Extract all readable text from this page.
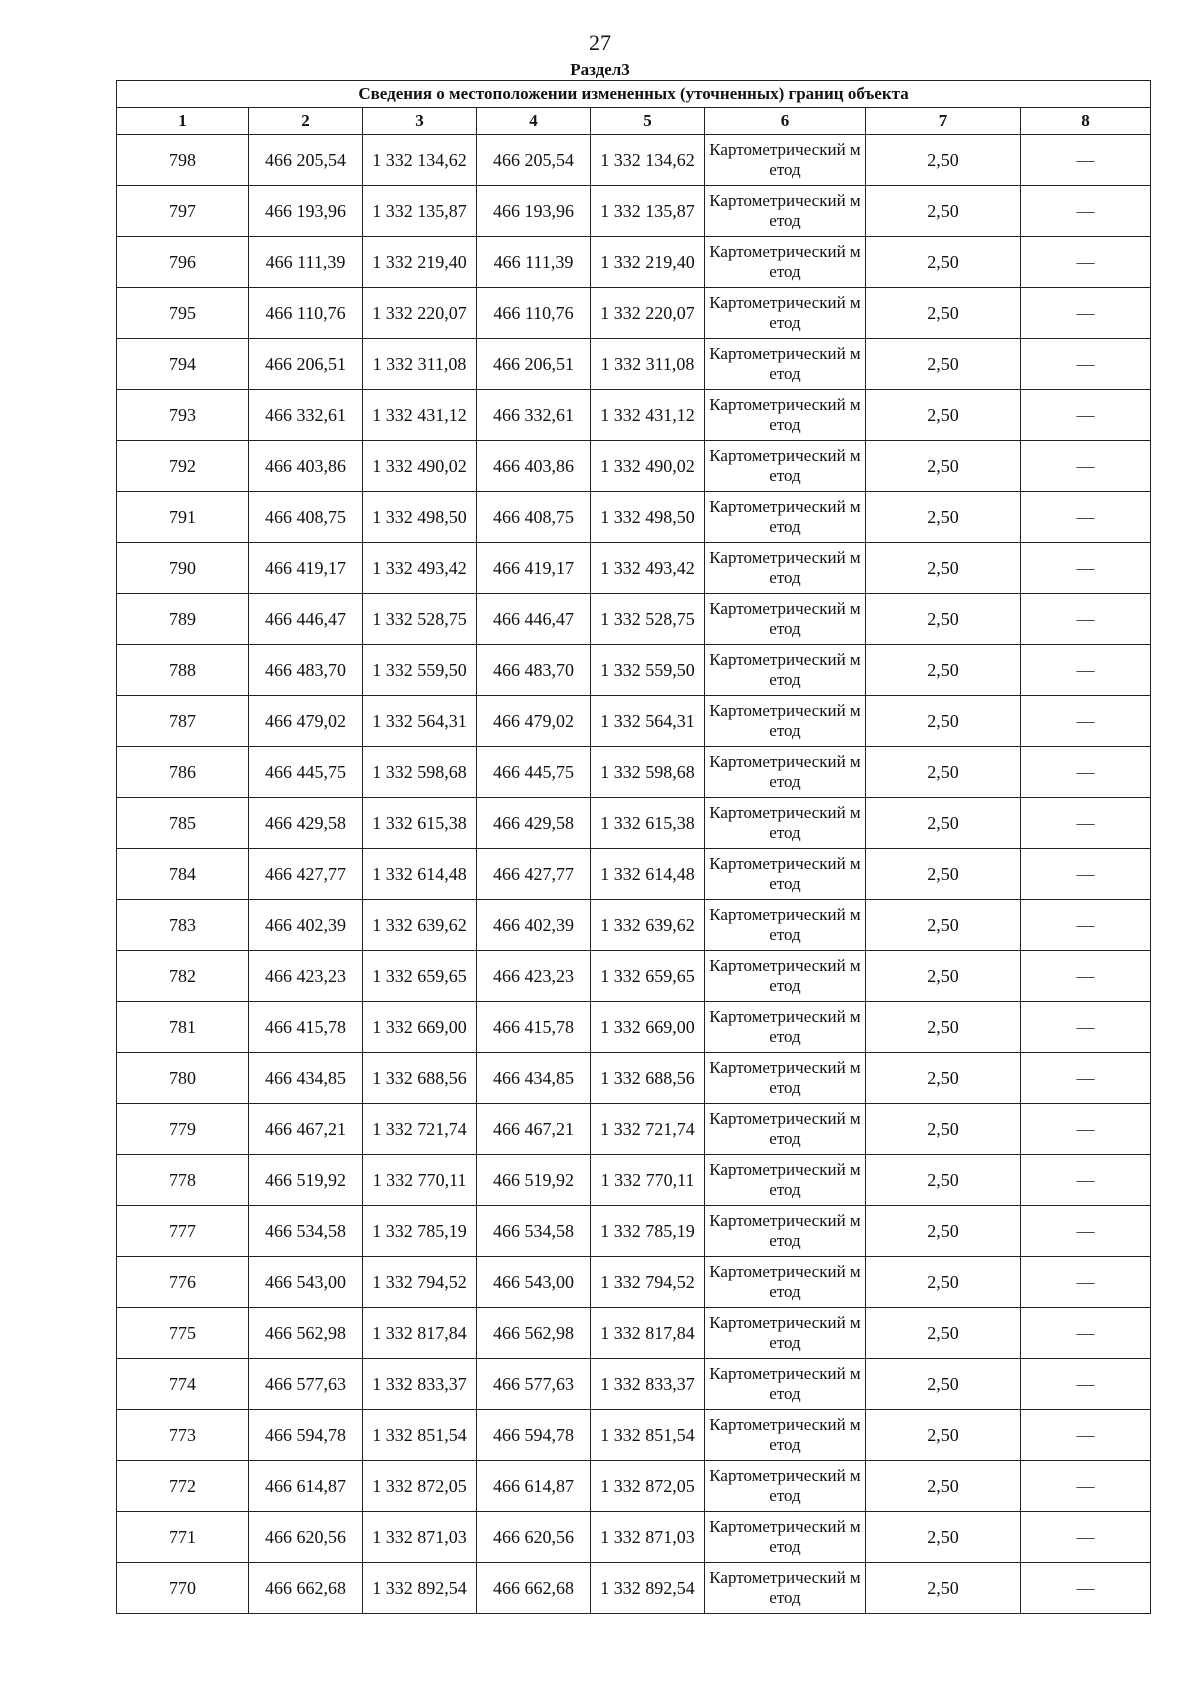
27
Раздел3
Сведения о местоположении измененных (уточненных) границ объекта							
1	2	3	4	5	6	7	8
798	466 205,54	1 332 134,62	466 205,54	1 332 134,62	Картометрический метод	2,50	—
797	466 193,96	1 332 135,87	466 193,96	1 332 135,87	Картометрический метод	2,50	—
796	466 111,39	1 332 219,40	466 111,39	1 332 219,40	Картометрический метод	2,50	—
795	466 110,76	1 332 220,07	466 110,76	1 332 220,07	Картометрический метод	2,50	—
794	466 206,51	1 332 311,08	466 206,51	1 332 311,08	Картометрический метод	2,50	—
793	466 332,61	1 332 431,12	466 332,61	1 332 431,12	Картометрический метод	2,50	—
792	466 403,86	1 332 490,02	466 403,86	1 332 490,02	Картометрический метод	2,50	—
791	466 408,75	1 332 498,50	466 408,75	1 332 498,50	Картометрический метод	2,50	—
790	466 419,17	1 332 493,42	466 419,17	1 332 493,42	Картометрический метод	2,50	—
789	466 446,47	1 332 528,75	466 446,47	1 332 528,75	Картометрический метод	2,50	—
788	466 483,70	1 332 559,50	466 483,70	1 332 559,50	Картометрический метод	2,50	—
787	466 479,02	1 332 564,31	466 479,02	1 332 564,31	Картометрический метод	2,50	—
786	466 445,75	1 332 598,68	466 445,75	1 332 598,68	Картометрический метод	2,50	—
785	466 429,58	1 332 615,38	466 429,58	1 332 615,38	Картометрический метод	2,50	—
784	466 427,77	1 332 614,48	466 427,77	1 332 614,48	Картометрический метод	2,50	—
783	466 402,39	1 332 639,62	466 402,39	1 332 639,62	Картометрический метод	2,50	—
782	466 423,23	1 332 659,65	466 423,23	1 332 659,65	Картометрический метод	2,50	—
781	466 415,78	1 332 669,00	466 415,78	1 332 669,00	Картометрический метод	2,50	—
780	466 434,85	1 332 688,56	466 434,85	1 332 688,56	Картометрический метод	2,50	—
779	466 467,21	1 332 721,74	466 467,21	1 332 721,74	Картометрический метод	2,50	—
778	466 519,92	1 332 770,11	466 519,92	1 332 770,11	Картометрический метод	2,50	—
777	466 534,58	1 332 785,19	466 534,58	1 332 785,19	Картометрический метод	2,50	—
776	466 543,00	1 332 794,52	466 543,00	1 332 794,52	Картометрический метод	2,50	—
775	466 562,98	1 332 817,84	466 562,98	1 332 817,84	Картометрический метод	2,50	—
774	466 577,63	1 332 833,37	466 577,63	1 332 833,37	Картометрический метод	2,50	—
773	466 594,78	1 332 851,54	466 594,78	1 332 851,54	Картометрический метод	2,50	—
772	466 614,87	1 332 872,05	466 614,87	1 332 872,05	Картометрический метод	2,50	—
771	466 620,56	1 332 871,03	466 620,56	1 332 871,03	Картометрический метод	2,50	—
770	466 662,68	1 332 892,54	466 662,68	1 332 892,54	Картометрический метод	2,50	—
